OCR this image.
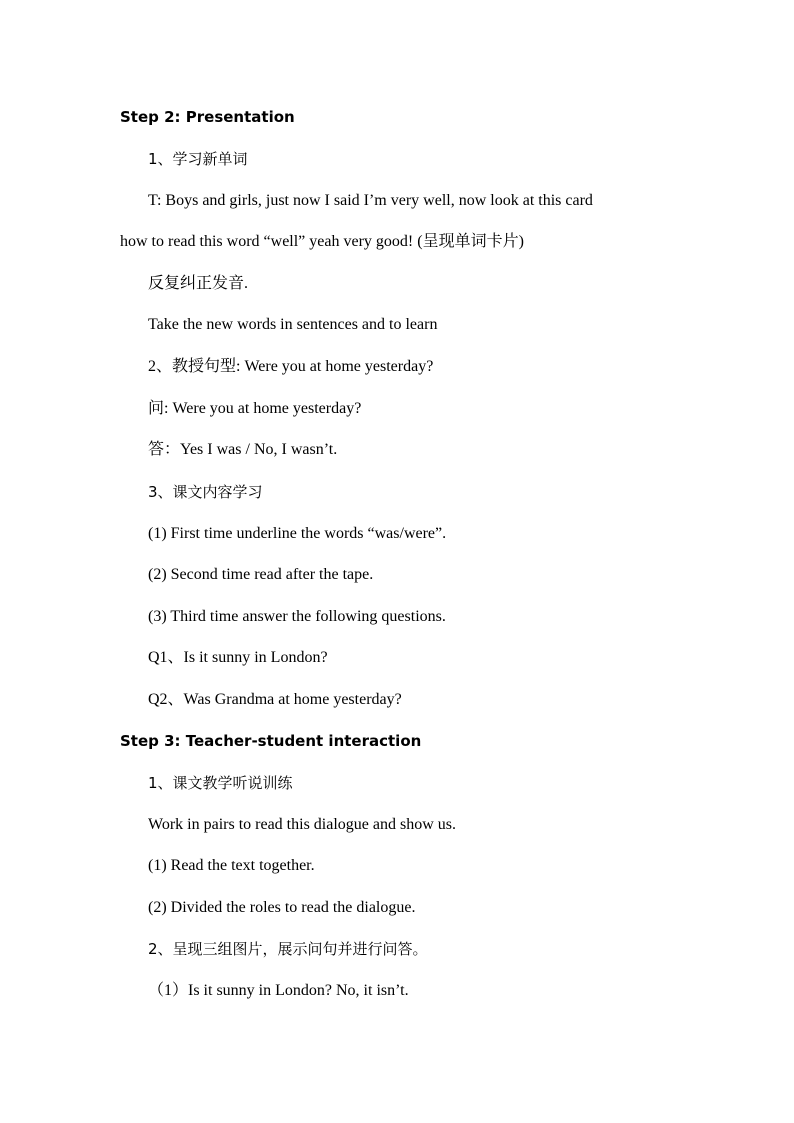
Step 2: Presentation
1、学习新单词
T: Boys and girls, just now I said I’m very well, now look at this card
how to read this word “well” yeah very good! (呈现单词卡片)
反复纠正发音.
Take the new words in sentences and to learn
2、教授句型: Were you at home yesterday?
问: Were you at home yesterday?
答：Yes I was / No, I wasn’t.
3、课文内容学习
(1) First time underline the words “was/were”.
(2) Second time read after the tape.
(3) Third time answer the following questions.
Q1、Is it sunny in London?
Q2、Was Grandma at home yesterday?
Step 3: Teacher-student interaction
1、课文教学听说训练
Work in pairs to read this dialogue and show us.
(1) Read the text together.
(2) Divided the roles to read the dialogue.
2、呈现三组图片，展示问句并进行问答。
（1）Is it sunny in London? No, it isn’t.
